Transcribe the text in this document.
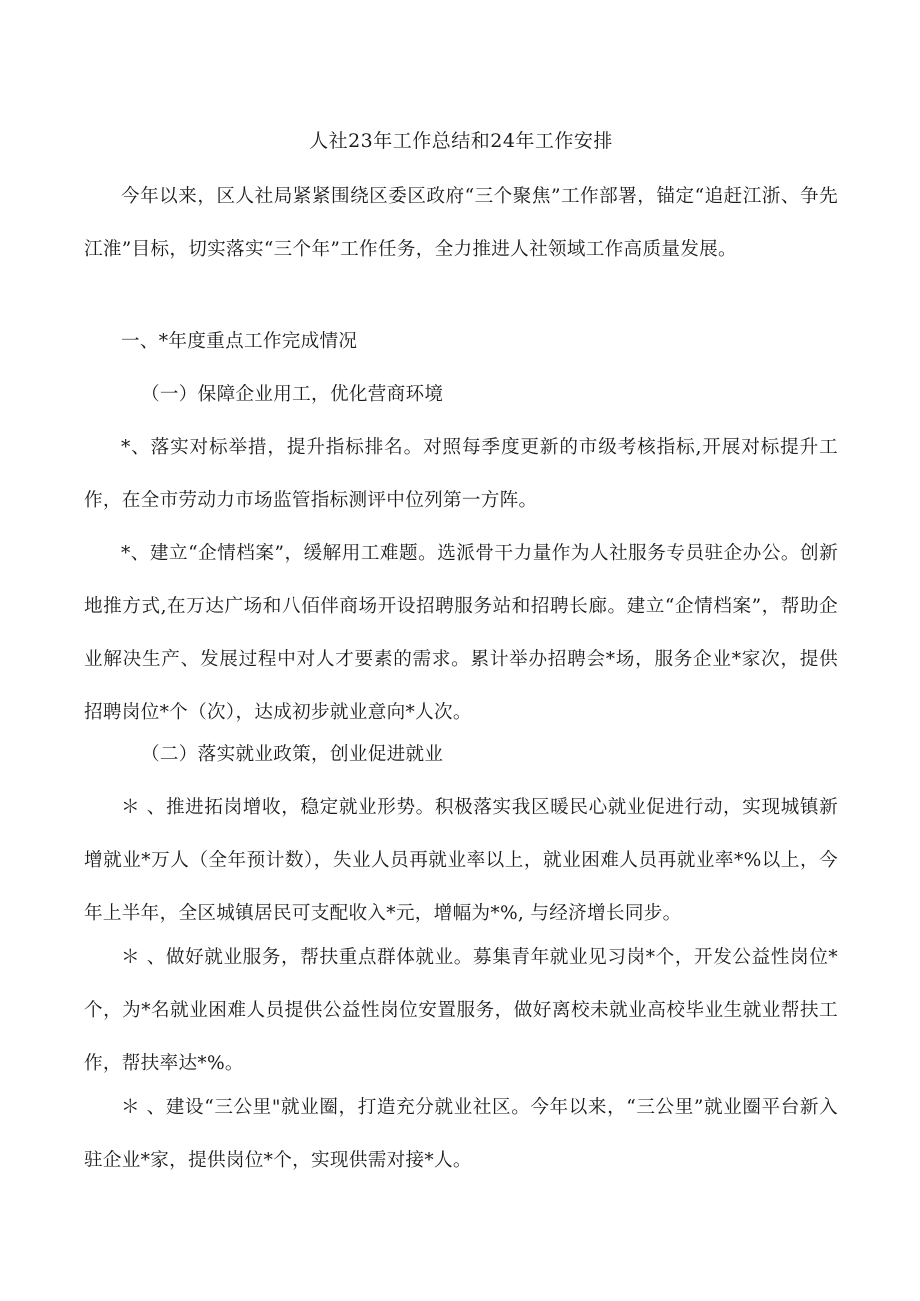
人社23年工作总结和24年工作安排

今年以来，区人社局紧紧围绕区委区政府“三个聚焦”工作部署，锚定“追赶江浙、争先江淮”目标，切实落实“三个年”工作任务，全力推进人社领域工作高质量发展。

一、*年度重点工作完成情况

（一）保障企业用工，优化营商环境

*、落实对标举措，提升指标排名。对照每季度更新的市级考核指标,开展对标提升工作，在全市劳动力市场监管指标测评中位列第一方阵。

*、建立“企情档案”，缓解用工难题。选派骨干力量作为人社服务专员驻企办公。创新地推方式,在万达广场和八佰伴商场开设招聘服务站和招聘长廊。建立“企情档案”，帮助企业解决生产、发展过程中对人才要素的需求。累计举办招聘会*场，服务企业*家次，提供招聘岗位*个（次），达成初步就业意向*人次。

（二）落实就业政策，创业促进就业

＊ 、推进拓岗增收，稳定就业形势。积极落实我区暖民心就业促进行动，实现城镇新增就业*万人（全年预计数），失业人员再就业率以上，就业困难人员再就业率*%以上，今年上半年，全区城镇居民可支配收入*元，增幅为*%, 与经济增长同步。

＊ 、做好就业服务，帮扶重点群体就业。募集青年就业见习岗*个，开发公益性岗位*个，为*名就业困难人员提供公益性岗位安置服务，做好离校未就业高校毕业生就业帮扶工作，帮扶率达*%。

＊ 、建设“三公里"就业圈，打造充分就业社区。今年以来，“三公里”就业圈平台新入驻企业*家，提供岗位*个，实现供需对接*人。
